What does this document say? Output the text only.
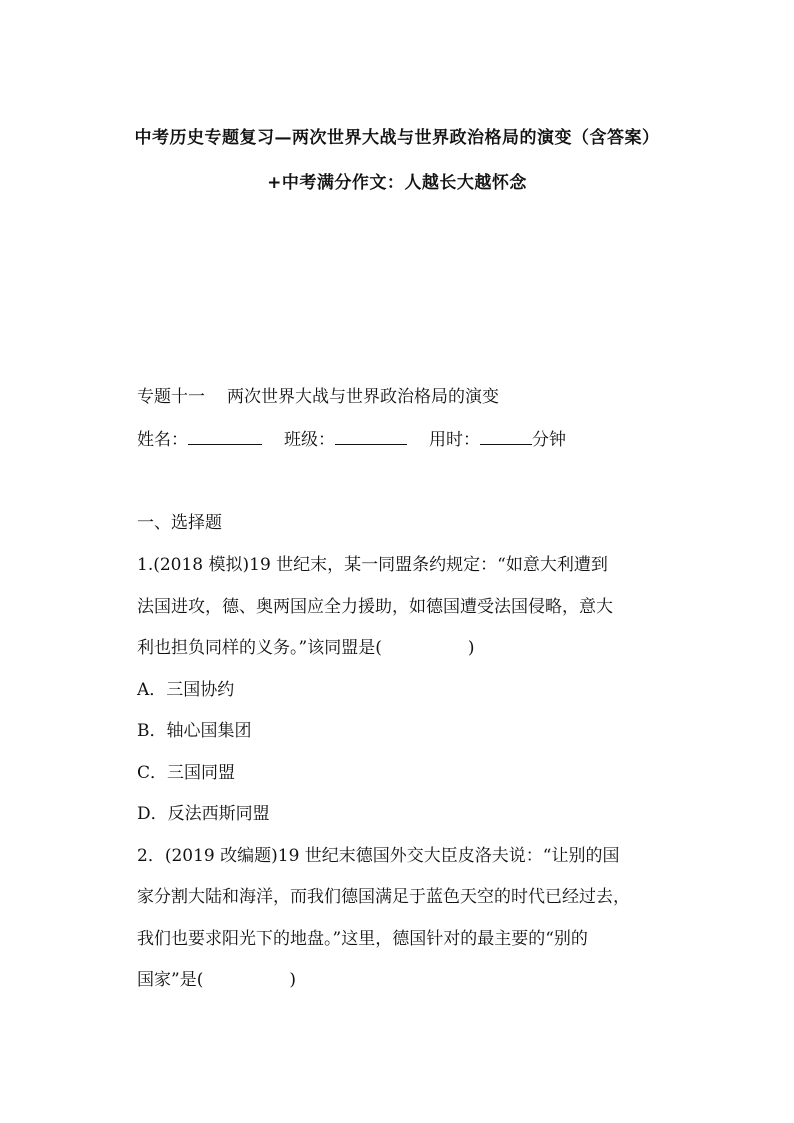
中考历史专题复习—两次世界大战与世界政治格局的演变（含答案）
+中考满分作文：人越长大越怀念
专题十一 两次世界大战与世界政治格局的演变
姓名：	班级：	用时：	分钟
一、选择题
1.(2018 模拟)19 世纪末，某一同盟条约规定：“如意大利遭到
法国进攻，德、奥两国应全力援助，如德国遭受法国侵略，意大
利也担负同样的义务。”该同盟是(	)
A．三国协约
B．轴心国集团
C．三国同盟
D．反法西斯同盟
2．(2019 改编题)19 世纪末德国外交大臣皮洛夫说：“让别的国
家分割大陆和海洋，而我们德国满足于蓝色天空的时代已经过去，
我们也要求阳光下的地盘。”这里，德国针对的最主要的“别的
国家”是(	)
